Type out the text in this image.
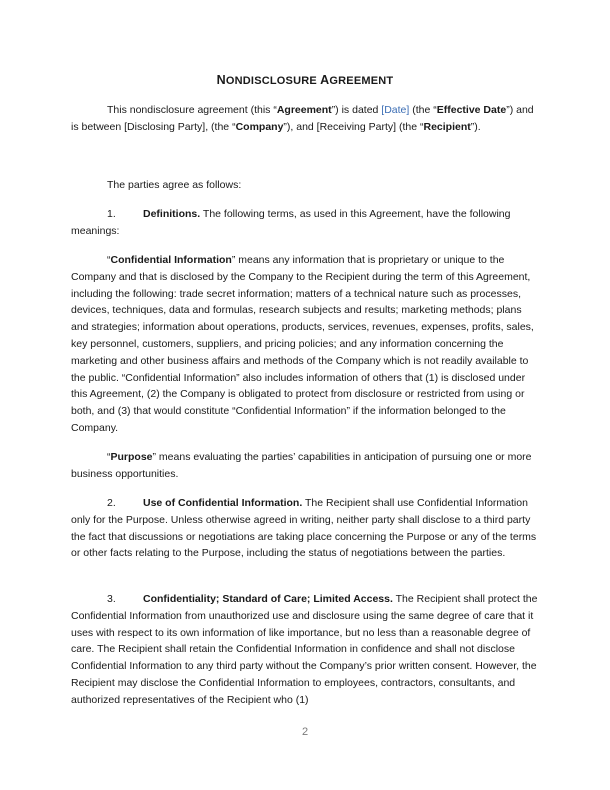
NONDISCLOSURE AGREEMENT

This nondisclosure agreement (this “Agreement”) is dated [Date] (the “Effective Date”) and is between [Disclosing Party], (the “Company”), and [Receiving Party] (the “Recipient”).

The parties agree as follows:

1.	Definitions. The following terms, as used in this Agreement, have the following meanings:

“Confidential Information” means any information that is proprietary or unique to the Company and that is disclosed by the Company to the Recipient during the term of this Agreement, including the following: trade secret information; matters of a technical nature such as processes, devices, techniques, data and formulas, research subjects and results; marketing methods; plans and strategies; information about operations, products, services, revenues, expenses, profits, sales, key personnel, customers, suppliers, and pricing policies; and any information concerning the marketing and other business affairs and methods of the Company which is not readily available to the public. “Confidential Information” also includes information of others that (1) is disclosed under this Agreement, (2) the Company is obligated to protect from disclosure or restricted from using or both, and (3) that would constitute “Confidential Information” if the information belonged to the Company.

“Purpose” means evaluating the parties’ capabilities in anticipation of pursuing one or more business opportunities.

2.	Use of Confidential Information. The Recipient shall use Confidential Information only for the Purpose. Unless otherwise agreed in writing, neither party shall disclose to a third party the fact that discussions or negotiations are taking place concerning the Purpose or any of the terms or other facts relating to the Purpose, including the status of negotiations between the parties.

3.	Confidentiality; Standard of Care; Limited Access. The Recipient shall protect the Confidential Information from unauthorized use and disclosure using the same degree of care that it uses with respect to its own information of like importance, but no less than a reasonable degree of care. The Recipient shall retain the Confidential Information in confidence and shall not disclose Confidential Information to any third party without the Company’s prior written consent. However, the Recipient may disclose the Confidential Information to employees, contractors, consultants, and authorized representatives of the Recipient who (1)

2
